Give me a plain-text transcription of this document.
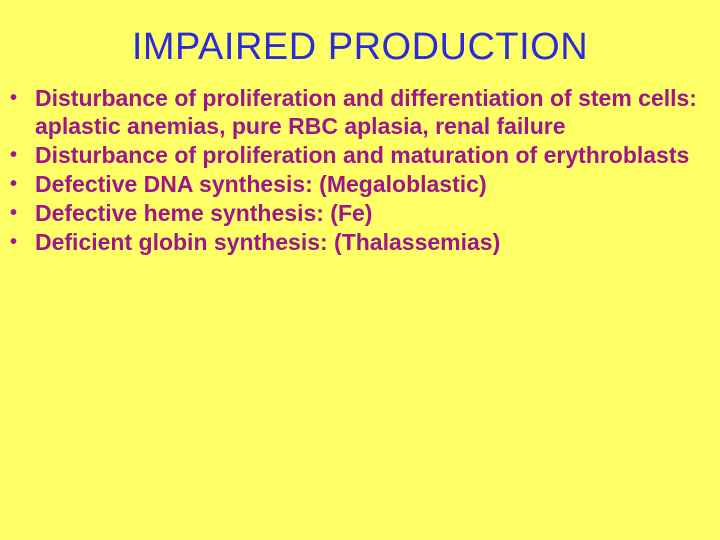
IMPAIRED PRODUCTION
• Disturbance of proliferation and differentiation of stem cells: aplastic anemias, pure RBC aplasia, renal failure
• Disturbance of proliferation and maturation of erythroblasts
• Defective DNA synthesis: (Megaloblastic)
• Defective heme synthesis: (Fe)
• Deficient globin synthesis: (Thalassemias)
